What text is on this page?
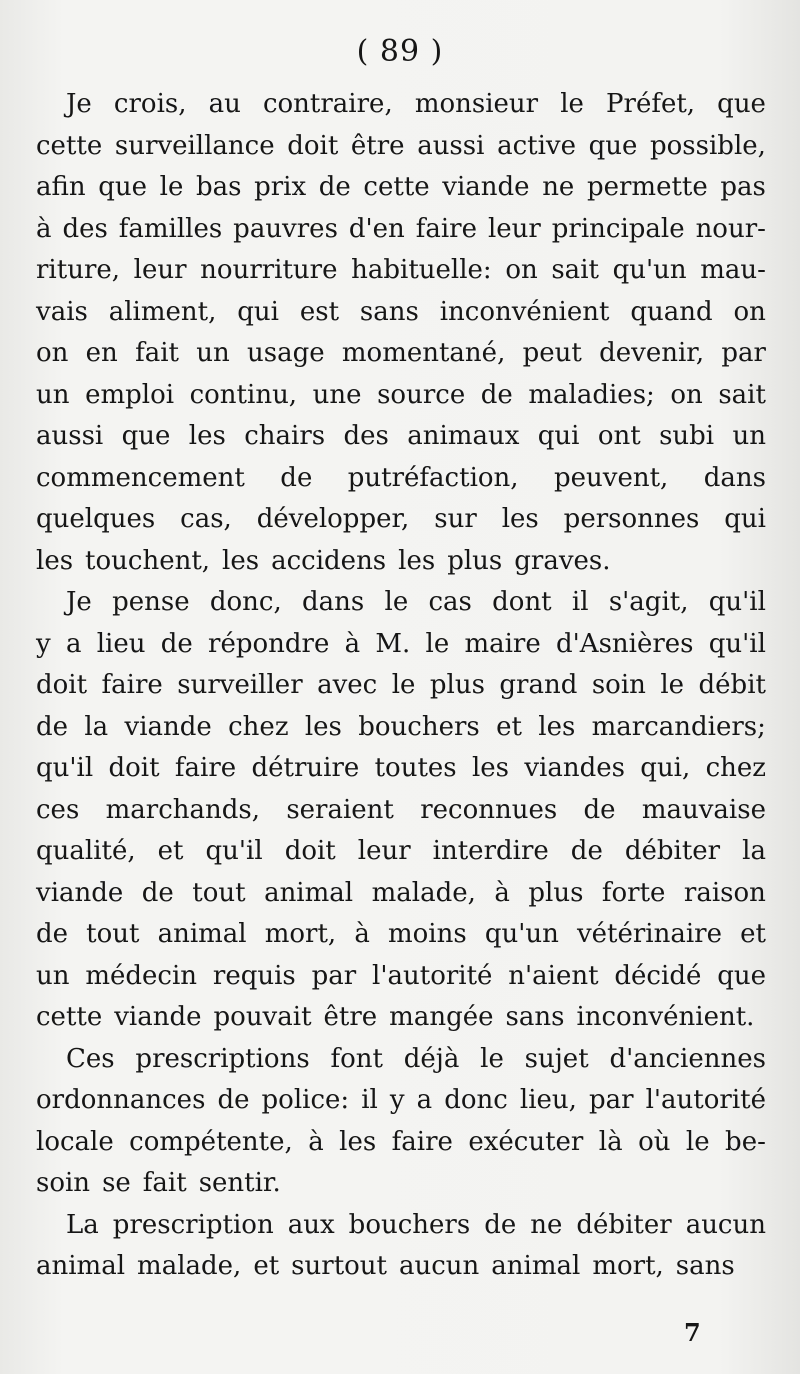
( 89 )
Je crois, au contraire, monsieur le Préfet, que
cette surveillance doit être aussi active que possible,
afin que le bas prix de cette viande ne permette pas
à des familles pauvres d'en faire leur principale nour-
riture, leur nourriture habituelle: on sait qu'un mau-
vais aliment, qui est sans inconvénient quand on
on en fait un usage momentané, peut devenir, par
un emploi continu, une source de maladies; on sait
aussi que les chairs des animaux qui ont subi un
commencement de putréfaction, peuvent, dans
quelques cas, développer, sur les personnes qui
les touchent, les accidens les plus graves.
Je pense donc, dans le cas dont il s'agit, qu'il
y a lieu de répondre à M. le maire d'Asnières qu'il
doit faire surveiller avec le plus grand soin le débit
de la viande chez les bouchers et les marcandiers;
qu'il doit faire détruire toutes les viandes qui, chez
ces marchands, seraient reconnues de mauvaise
qualité, et qu'il doit leur interdire de débiter la
viande de tout animal malade, à plus forte raison
de tout animal mort, à moins qu'un vétérinaire et
un médecin requis par l'autorité n'aient décidé que
cette viande pouvait être mangée sans inconvénient.
Ces prescriptions font déjà le sujet d'anciennes
ordonnances de police: il y a donc lieu, par l'autorité
locale compétente, à les faire exécuter là où le be-
soin se fait sentir.
La prescription aux bouchers de ne débiter aucun
animal malade, et surtout aucun animal mort, sans
7
